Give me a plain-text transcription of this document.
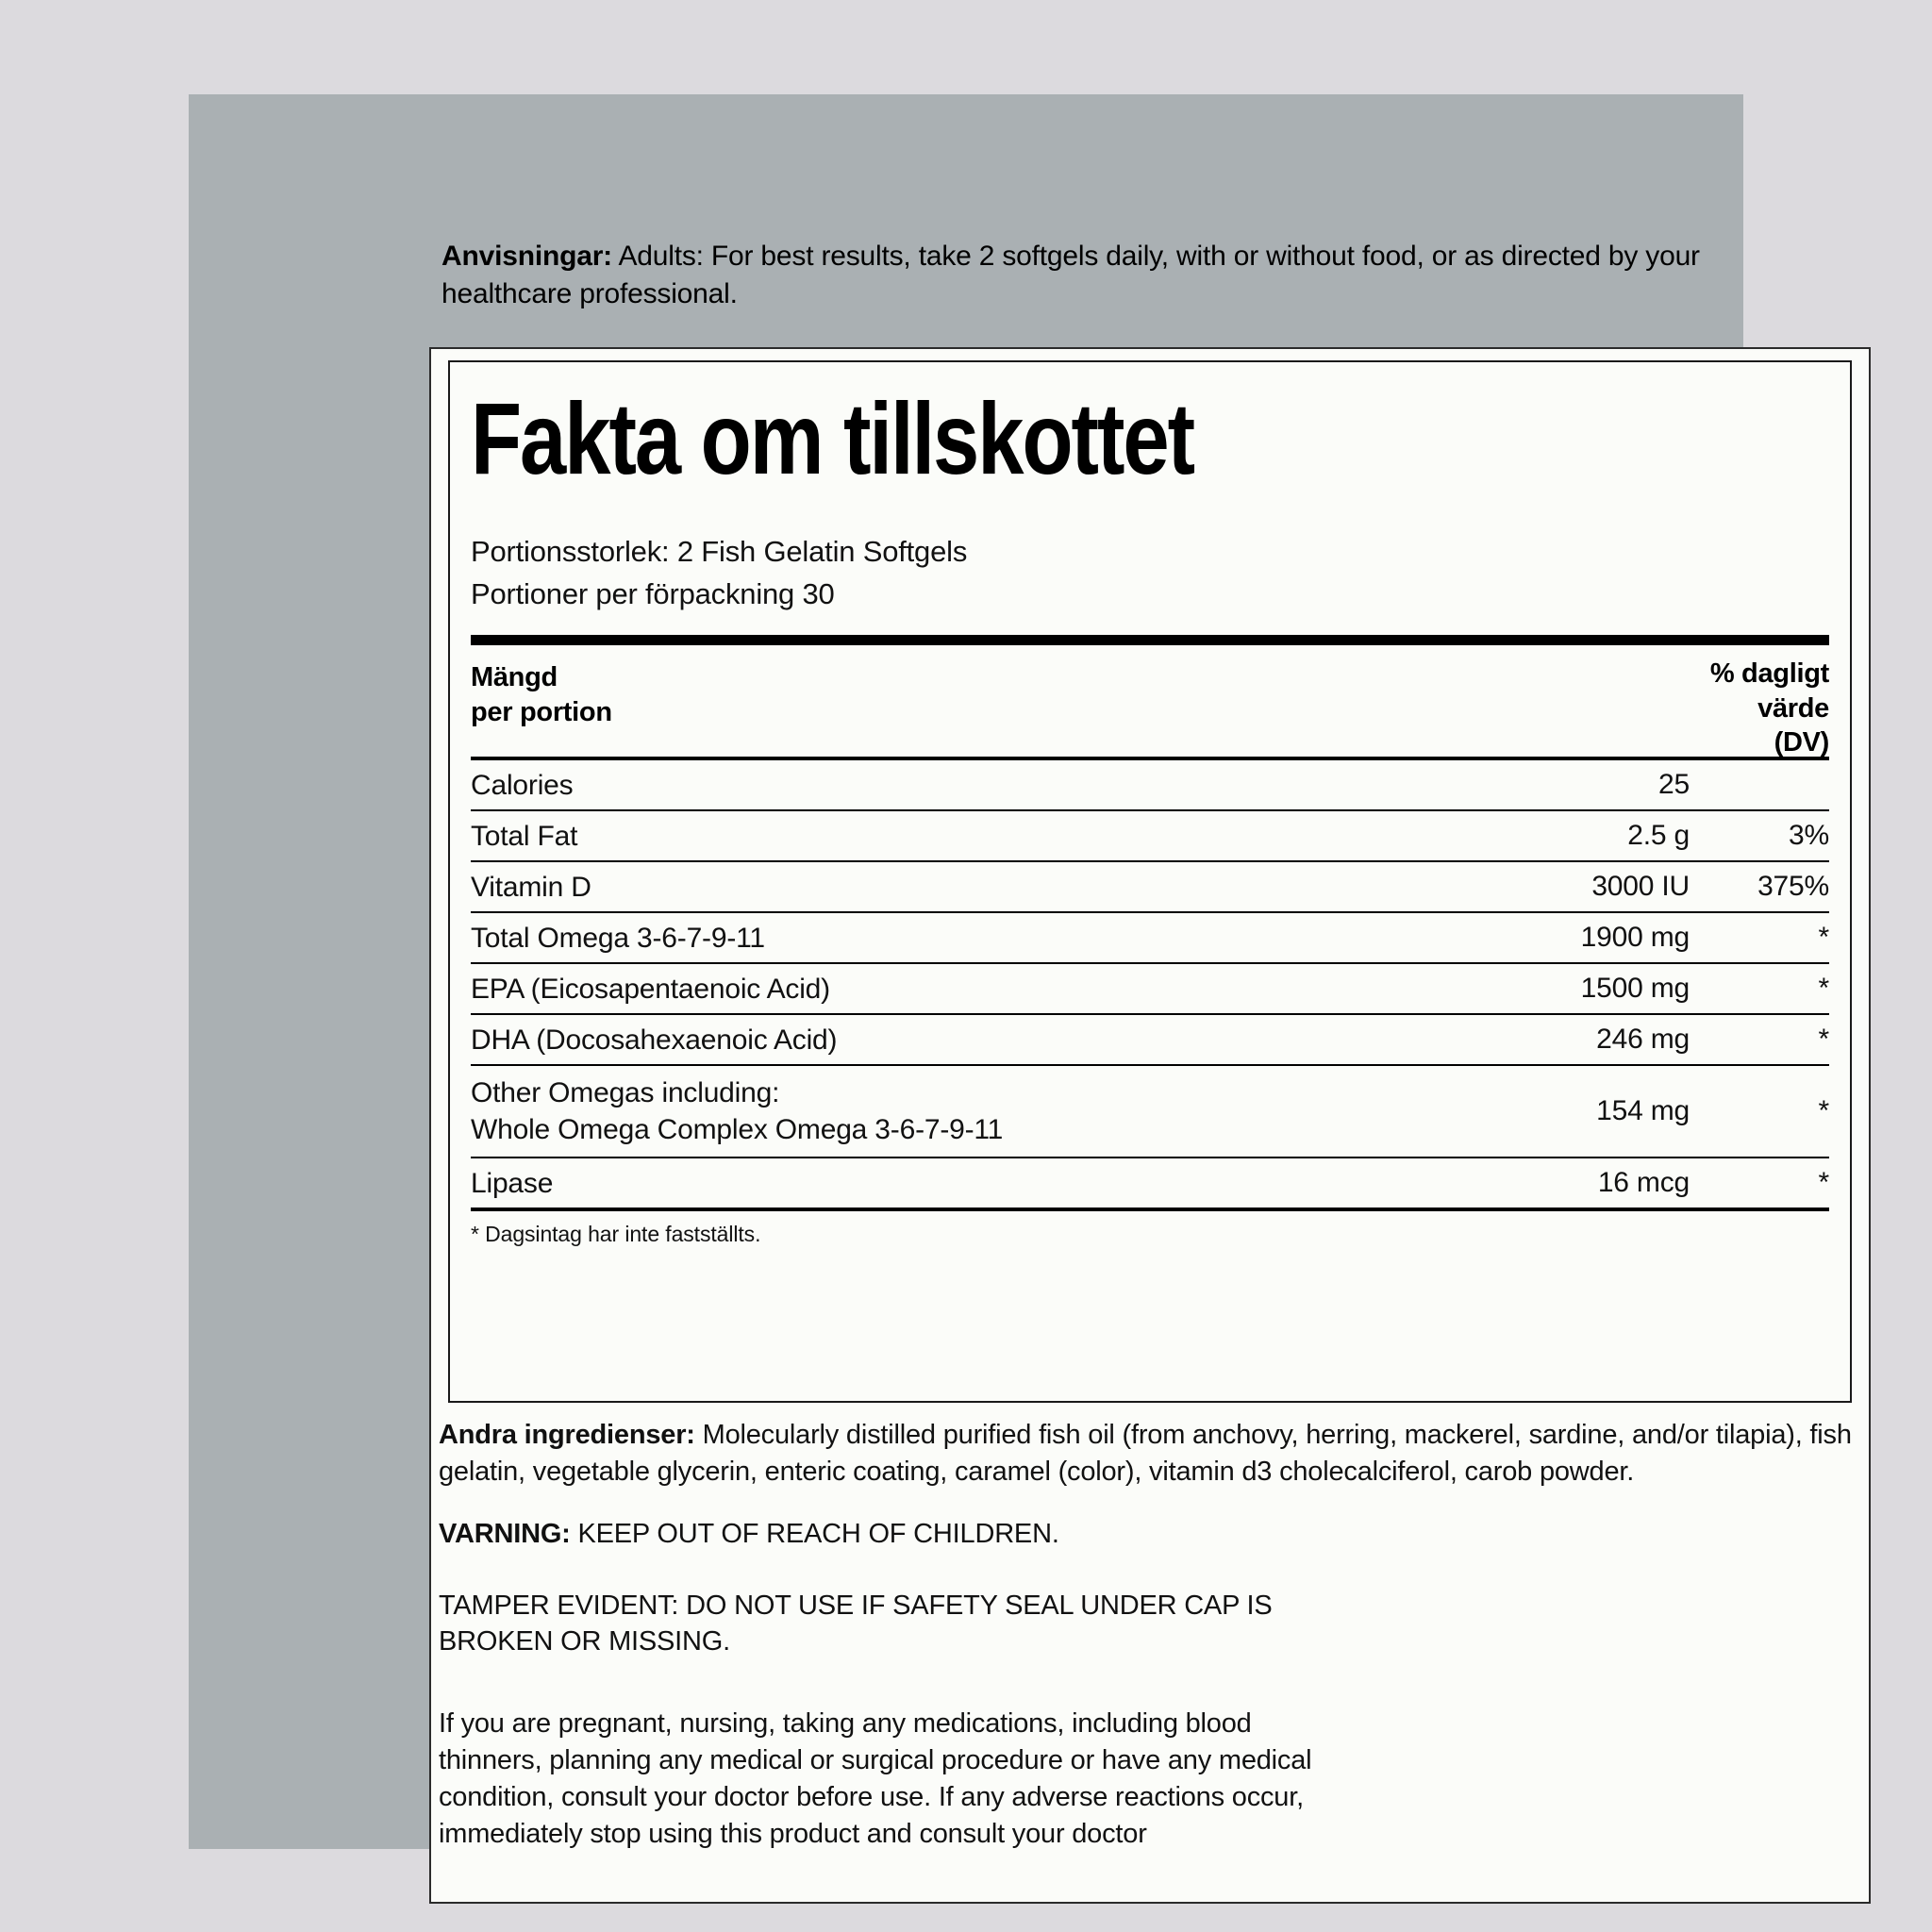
Anvisningar: Adults: For best results, take 2 softgels daily, with or without food, or as directed by your healthcare professional.
Fakta om tillskottet
Portionsstorlek: 2 Fish Gelatin Softgels
Portioner per förpackning 30
Mängd
per portion
% dagligt
värde
(DV)
Calories	25
Total Fat	2.5 g	3%
Vitamin D	3000 IU	375%
Total Omega 3-6-7-9-11	1900 mg	*
EPA (Eicosapentaenoic Acid)	1500 mg	*
DHA (Docosahexaenoic Acid)	246 mg	*
Other Omegas including:
Whole Omega Complex Omega 3-6-7-9-11
154 mg	*
Lipase	16 mcg	*
* Dagsintag har inte fastställts.
Andra ingredienser: Molecularly distilled purified fish oil (from anchovy, herring, mackerel, sardine, and/or tilapia), fish gelatin, vegetable glycerin, enteric coating, caramel (color), vitamin d3 cholecalciferol, carob powder.
VARNING: KEEP OUT OF REACH OF CHILDREN.
TAMPER EVIDENT: DO NOT USE IF SAFETY SEAL UNDER CAP IS BROKEN OR MISSING.
If you are pregnant, nursing, taking any medications, including blood thinners, planning any medical or surgical procedure or have any medical condition, consult your doctor before use. If any adverse reactions occur, immediately stop using this product and consult your doctor
